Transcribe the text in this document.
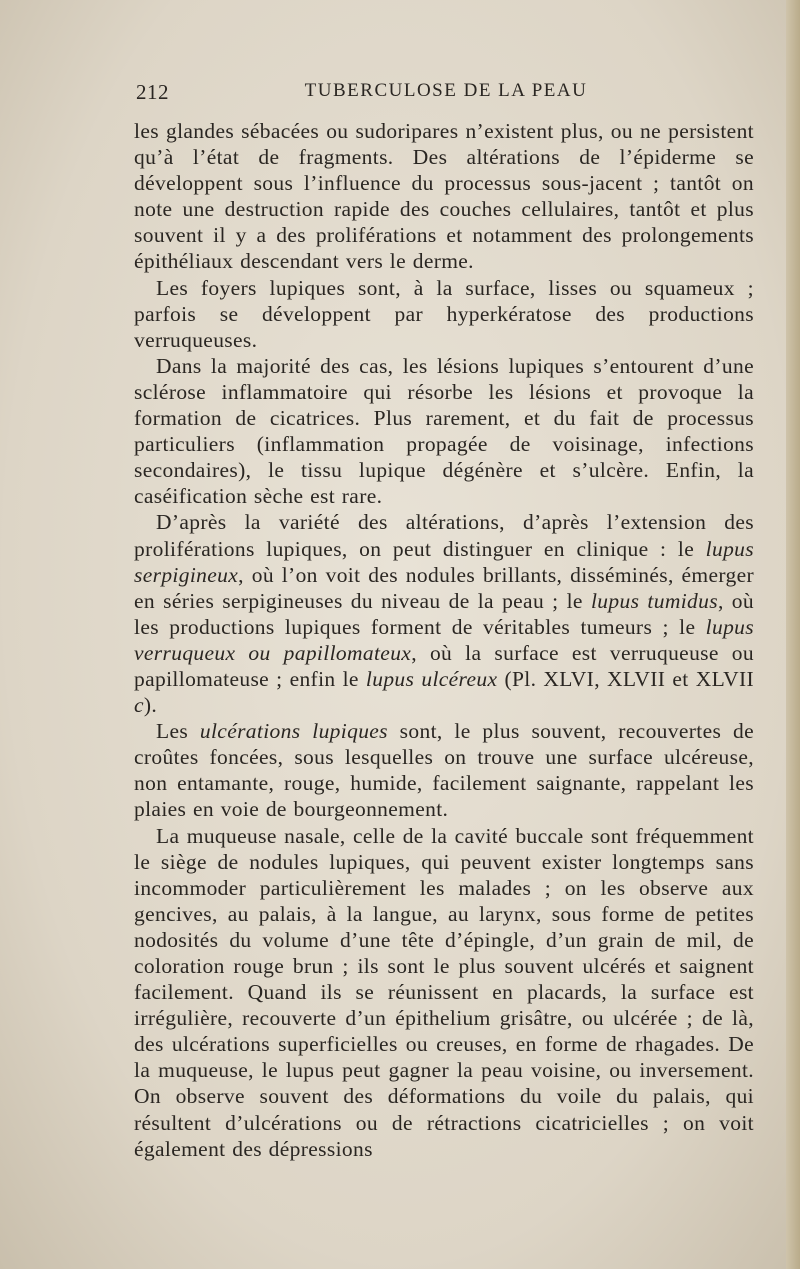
212	TUBERCULOSE DE LA PEAU

les glandes sébacées ou sudoripares n’existent plus, ou ne persistent qu’à l’état de fragments. Des altérations de l’épiderme se développent sous l’influence du processus sous-jacent ; tantôt on note une destruction rapide des couches cellulaires, tantôt et plus souvent il y a des proliférations et notamment des prolongements épithéliaux descendant vers le derme.

Les foyers lupiques sont, à la surface, lisses ou squameux ; parfois se développent par hyperkératose des productions verruqueuses.

Dans la majorité des cas, les lésions lupiques s’entourent d’une sclérose inflammatoire qui résorbe les lésions et provoque la formation de cicatrices. Plus rarement, et du fait de processus particuliers (inflammation propagée de voisinage, infections secondaires), le tissu lupique dégénère et s’ulcère. Enfin, la caséification sèche est rare.

D’après la variété des altérations, d’après l’extension des proliférations lupiques, on peut distinguer en clinique : le lupus serpigineux, où l’on voit des nodules brillants, disséminés, émerger en séries serpigineuses du niveau de la peau ; le lupus tumidus, où les productions lupiques forment de véritables tumeurs ; le lupus verruqueux ou papillomateux, où la surface est verruqueuse ou papillomateuse ; enfin le lupus ulcéreux (Pl. XLVI, XLVII et XLVII c).

Les ulcérations lupiques sont, le plus souvent, recouvertes de croûtes foncées, sous lesquelles on trouve une surface ulcéreuse, non entamante, rouge, humide, facilement saignante, rappelant les plaies en voie de bourgeonnement.

La muqueuse nasale, celle de la cavité buccale sont fréquemment le siège de nodules lupiques, qui peuvent exister longtemps sans incommoder particulièrement les malades ; on les observe aux gencives, au palais, à la langue, au larynx, sous forme de petites nodosités du volume d’une tête d’épingle, d’un grain de mil, de coloration rouge brun ; ils sont le plus souvent ulcérés et saignent facilement. Quand ils se réunissent en placards, la surface est irrégulière, recouverte d’un épithelium grisâtre, ou ulcérée ; de là, des ulcérations superficielles ou creuses, en forme de rhagades. De la muqueuse, le lupus peut gagner la peau voisine, ou inversement. On observe souvent des déformations du voile du palais, qui résultent d’ulcérations ou de rétractions cicatricielles ; on voit également des dépressions
